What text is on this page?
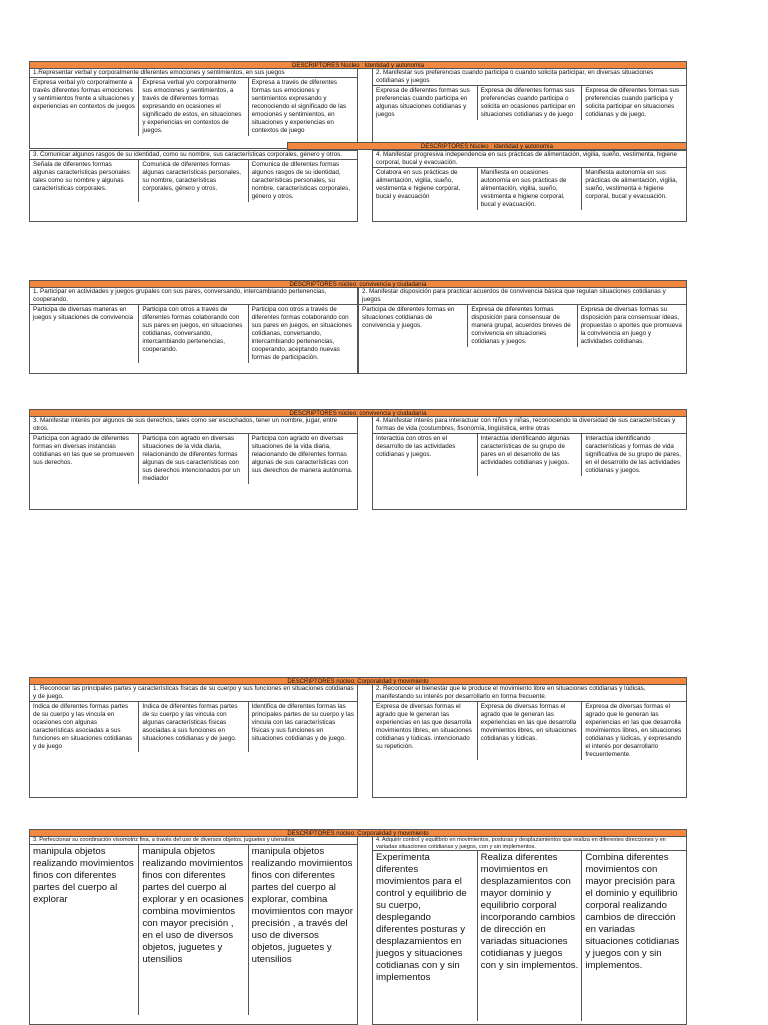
DESCRIPTORES Núcleo : Identidad y autonomía
1.Representar verbal y corporalmente diferentes emociones y sentimientos, en sus juegos
Expresa verbal y/o corporalmente a través diferentes formas emociones y sentimientos frente a situaciones y experiencias en contextos de juegos
Expresa verbal y/o corporalmente sus emociones y sentimientos, a través de diferentes formas expresando en ocasiones el significado de estos, en situaciones y experiencias en contextos de juegos.
Expresa a través de diferentes formas sus emociones y sentimientos expresando y reconociendo el significado de las emociones y sentimientos, en situaciones y experiencias en contextos de juego
2. Manifestar sus preferencias cuando participa o cuando solicita participar, en diversas situaciones cotidianas y juegos
Expresa de diferentes formas sus preferencias cuando participa en algunas situaciones cotidianas y juegos
Expresa de diferentes formas sus preferencias cuando participa o solicita en ocasiones participar en situaciones cotidianas y de juego
Expresa de diferentes formas sus preferencias cuando participa y solicita participar en situaciones cotidianas y de juego.
DESCRIPTORES Núcleo : Identidad y autonomía
3. Comunicar algunos rasgos de su identidad, como su nombre, sus características corporales, género y otros.
Señala de diferentes formas algunas características personales tales como su nombre y algunas características corporales.
Comunica de diferentes formas algunas características personales, su nombre, características corporales, género y otros.
Comunica de diferentes formas algunos rasgos de su identidad, características personales, su nombre, características corporales, género y otros.
4. Manifestar progresiva independencia en sus prácticas de alimentación, vigilia, sueño, vestimenta, higiene corporal, bucal y evacuación.
Colabora en sus prácticas de alimentación, vigilia, sueño, vestimenta e higiene corporal, bucal y evacuación
Manifiesta en ocasiones autonomía en sus prácticas de alimentación, vigilia, sueño, vestimenta e higiene corporal, bucal y evacuación.
Manifiesta autonomía en sus prácticas de alimentación, vigilia, sueño, vestimenta e higiene corporal, bucal y evacuación.
DESCRIPTORES núcleo: convivencia y ciudadanía
1. Participar en actividades y juegos grupales con sus pares, conversando, intercambiando pertenencias, cooperando.
Participa de diversas maneras en juegos y situaciones de convivencia
Participa con otros a través de diferentes formas colaborando con sus pares en juegos, en situaciones cotidianas, conversando, intercambiando pertenencias, cooperando.
Participa con otros a través de diferentes formas colaborando con sus pares en juegos, en situaciones cotidianas, conversando, intercambiando pertenencias, cooperando, aceptando nuevas formas de participación.
2. Manifestar disposición para practicar acuerdos de convivencia básica que regulan situaciones cotidianas y juegos
Participa de diferentes formas en situaciones cotidianas de convivencia y juegos.
Expresa de diferentes formas disposición para consensuar de manera grupal, acuerdos breves de convivencia en situaciones cotidianas y juegos.
Expresa de diversas formas su disposición para consensuar ideas, propuestas o aportes que promueva la convivencia en juego y actividades cotidianas.
DESCRIPTORES núcleo: convivencia y ciudadanía
3. Manifestar interés por algunos de sus derechos, tales como ser escuchados, tener un nombre, jugar, entre otros.
Participa con agrado de diferentes formas en diversas instancias cotidianas en las que se promueven sus derechos.
Participa con agrado en diversas situaciones de la vida diaria, relacionando de diferentes formas algunas de sus características con sus derechos intencionados por un mediador
Participa con agrado en diversas situaciones de la vida diaria, relacionando de diferentes formas algunas de sus características con sus derechos de manera autónoma.
4. Manifestar interés para interactuar con niños y niñas, reconociendo la diversidad de sus características y formas de vida (costumbres, fisonomía, lingüística, entre otras
Interactúa con otros en el desarrollo de las actividades cotidianas y juegos.
Interactúa identificando algunas características de su grupo de pares en el desarrollo de las actividades cotidianas y juegos.
Interactúa identificando características y formas de vida significativa de su grupo de pares, en el desarrollo de las actividades cotidianas y juegos.
DESCRIPTORES núcleo: Corporalidad y movimiento
1. Reconocer las principales partes y características físicas de su cuerpo y sus funciones en situaciones cotidianas y de juego.
Indica de diferentes formas partes de su cuerpo y las vincula en ocasiones con algunas características asociadas a sus funciones en situaciones cotidianas y de juego
Indica de diferentes formas partes de su cuerpo y las vincula con algunas características físicas asociadas a sus funciones en situaciones cotidianas y de juego.
Identifica de diferentes formas las principales partes de su cuerpo y las vincula con las características físicas y sus funciones en situaciones cotidianas y de juego.
2. Reconocer el bienestar que le produce el movimiento libre en situaciones cotidianas y lúdicas, manifestando su interés por desarrollarlo en forma frecuente.
Expresa de diversas formas el agrado que le generan las experiencias en las que desarrolla movimientos libres, en situaciones cotidianas y lúdicas. intencionado su repetición.
Expresa de diversas formas el agrado que le generan las experiencias en las que desarrolla movimientos libres, en situaciones cotidianas y lúdicas.
Expresa de diversas formas el agrado que le generan las experiencias en las que desarrolla movimientos libres, en situaciones cotidianas y lúdicas, y expresando el interés por desarrollarlo frecuentemente.
DESCRIPTORES núcleo: Corporalidad y movimiento
3. Perfeccionar su coordinación visomotriz fina, a través del uso de diversos objetos, juguetes y utensilios
manipula objetos realizando movimientos finos con diferentes partes del cuerpo al explorar
manipula objetos realizando movimientos finos con diferentes partes del cuerpo al explorar y en ocasiones combina movimientos con mayor precisión , en el uso de diversos objetos, juguetes y utensilios
manipula objetos realizando movimientos finos con diferentes partes del cuerpo al explorar, combina movimientos con mayor precisión , a través del uso de diversos objetos, juguetes y utensilios
4. Adquirir control y equilibrio en movimientos, posturas y desplazamientos que realiza en diferentes direcciones y en variadas situaciones cotidianas y juegos, con y sin implementos.
Experimenta diferentes movimientos para el control y equilibrio de su cuerpo, desplegando diferentes posturas y desplazamientos en juegos y situaciones cotidianas con y sin implementos
Realiza diferentes movimientos en desplazamientos con mayor dominio y equilibrio corporal incorporando cambios de dirección en variadas situaciones cotidianas y juegos con y sin implementos.
Combina diferentes movimientos con mayor precisión para el dominio y equilibrio corporal realizando cambios de dirección en variadas situaciones cotidianas y juegos con y sin implementos.
